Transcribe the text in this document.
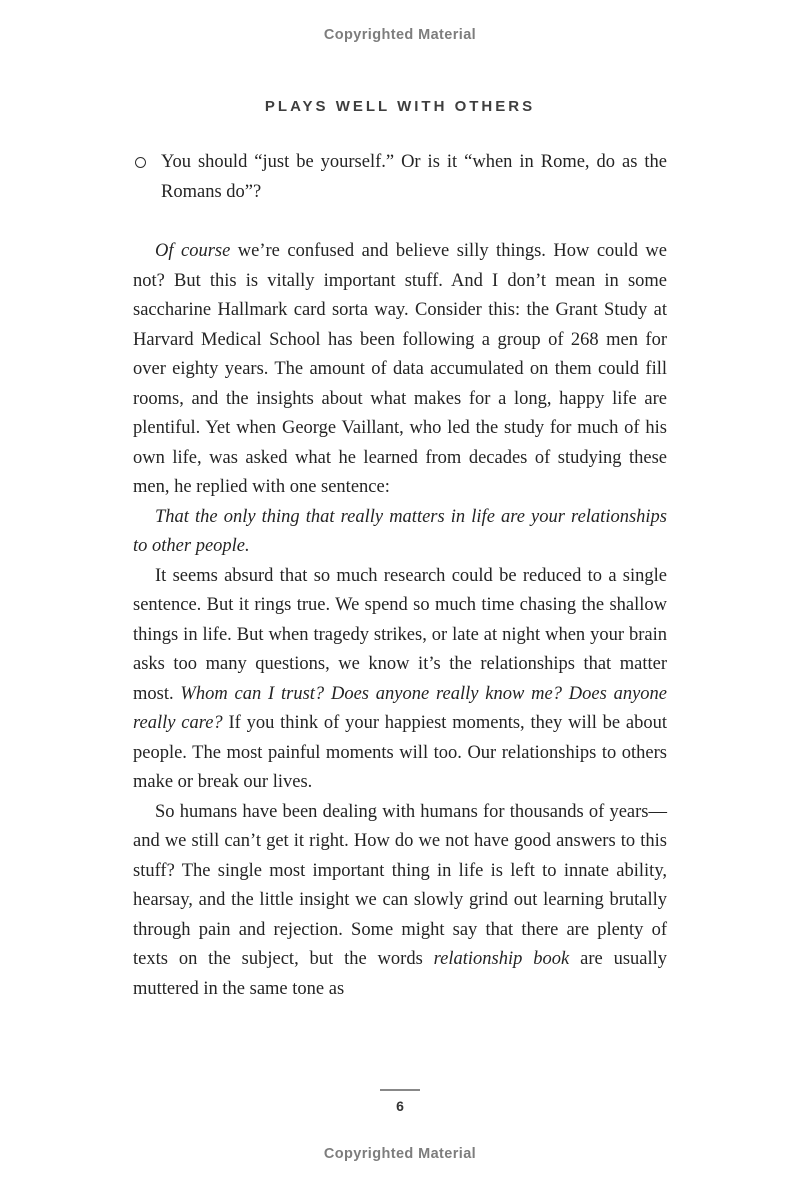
Copyrighted Material
PLAYS WELL WITH OTHERS
You should “just be yourself.” Or is it “when in Rome, do as the Romans do”?

Of course we’re confused and believe silly things. How could we not? But this is vitally important stuff. And I don’t mean in some saccharine Hallmark card sorta way. Consider this: the Grant Study at Harvard Medical School has been following a group of 268 men for over eighty years. The amount of data accumulated on them could fill rooms, and the insights about what makes for a long, happy life are plentiful. Yet when George Vaillant, who led the study for much of his own life, was asked what he learned from decades of studying these men, he replied with one sentence:

That the only thing that really matters in life are your relationships to other people.

It seems absurd that so much research could be reduced to a single sentence. But it rings true. We spend so much time chasing the shallow things in life. But when tragedy strikes, or late at night when your brain asks too many questions, we know it’s the relationships that matter most. Whom can I trust? Does anyone really know me? Does anyone really care? If you think of your happiest moments, they will be about people. The most painful moments will too. Our relationships to others make or break our lives.

So humans have been dealing with humans for thousands of years—and we still can’t get it right. How do we not have good answers to this stuff? The single most important thing in life is left to innate ability, hearsay, and the little insight we can slowly grind out learning brutally through pain and rejection. Some might say that there are plenty of texts on the subject, but the words relationship book are usually muttered in the same tone as

6
Copyrighted Material
